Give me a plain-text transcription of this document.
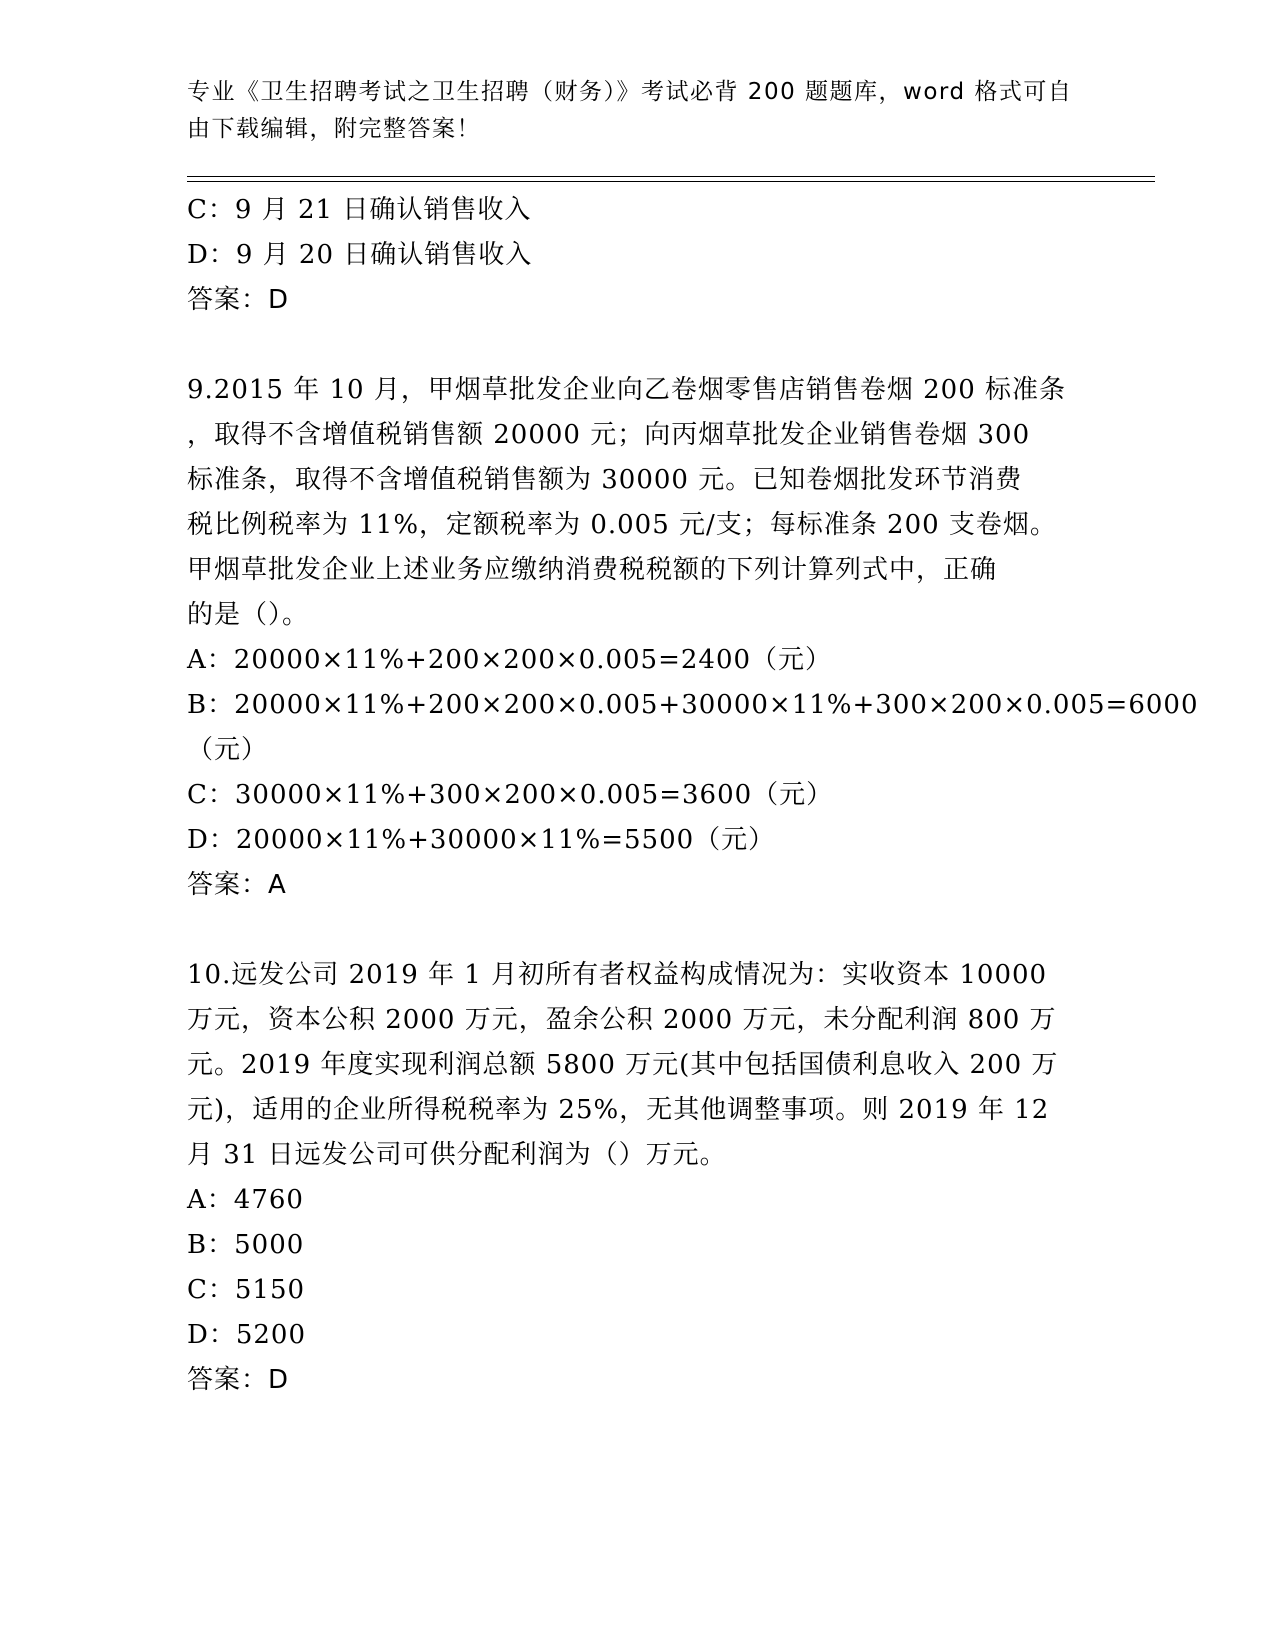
专业《卫生招聘考试之卫生招聘（财务）》考试必背 200 题题库，word 格式可自
由下载编辑，附完整答案！
C：9 月 21 日确认销售收入
D：9 月 20 日确认销售收入
答案：D

9.2015 年 10 月，甲烟草批发企业向乙卷烟零售店销售卷烟 200 标准条

，取得不含增值税销售额 20000 元；向丙烟草批发企业销售卷烟 300

标准条，取得不含增值税销售额为 30000 元。已知卷烟批发环节消费

税比例税率为 11%，定额税率为 0.005 元/支；每标准条 200 支卷烟。

甲烟草批发企业上述业务应缴纳消费税税额的下列计算列式中，正确

的是（）。

A：20000×11%+200×200×0.005=2400（元）
B：20000×11%+200×200×0.005+30000×11%+300×200×0.005=6000
（元）
C：30000×11%+300×200×0.005=3600（元）
D：20000×11%+30000×11%=5500（元）
答案：A

10.远发公司 2019 年 1 月初所有者权益构成情况为：实收资本 10000

万元，资本公积 2000 万元，盈余公积 2000 万元，未分配利润 800 万

元。2019 年度实现利润总额 5800 万元(其中包括国债利息收入 200 万

元)，适用的企业所得税税率为 25%，无其他调整事项。则 2019 年 12

月 31 日远发公司可供分配利润为（）万元。

A：4760
B：5000
C：5150
D：5200
答案：D
